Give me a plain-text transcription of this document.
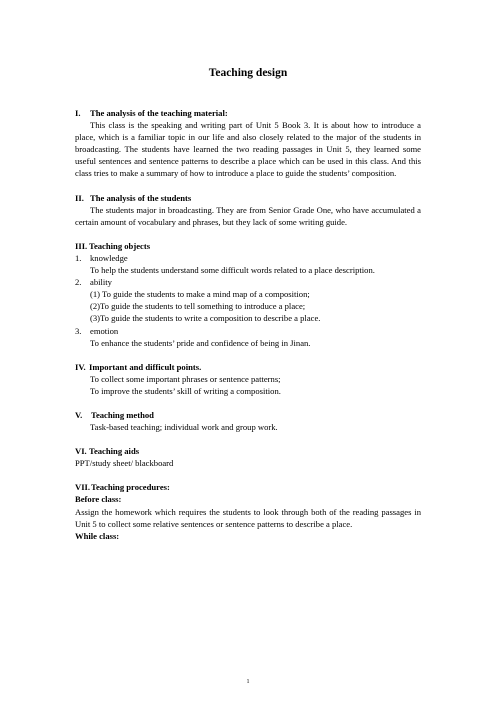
Teaching design
I.	The analysis of the teaching material:

This class is the speaking and writing part of Unit 5 Book 3. It is about how to introduce a place, which is a familiar topic in our life and also closely related to the major of the students in broadcasting. The students have learned the two reading passages in Unit 5, they learned some useful sentences and sentence patterns to describe a place which can be used in this class. And this class tries to make a summary of how to introduce a place to guide the students’ composition.

II. The analysis of the students

The students major in broadcasting. They are from Senior Grade One, who have accumulated a certain amount of vocabulary and phrases, but they lack of some writing guide.

III. Teaching objects
1. knowledge

To help the students understand some difficult words related to a place description.

2. ability

(1) To guide the students to make a mind map of a composition;

(2)To guide the students to tell something to introduce a place;

(3)To guide the students to write a composition to describe a place.

3. emotion

To enhance the students’ pride and confidence of being in Jinan.

IV. Important and difficult points.

To collect some important phrases or sentence patterns;

To improve the students’ skill of writing a composition.

V.	Teaching method

Task-based teaching; individual work and group work.

VI. Teaching aids

PPT/study sheet/ blackboard

VII. Teaching procedures:

Before class:

Assign the homework which requires the students to look through both of the reading passages in Unit 5 to collect some relative sentences or sentence patterns to describe a place.

While class:

1
